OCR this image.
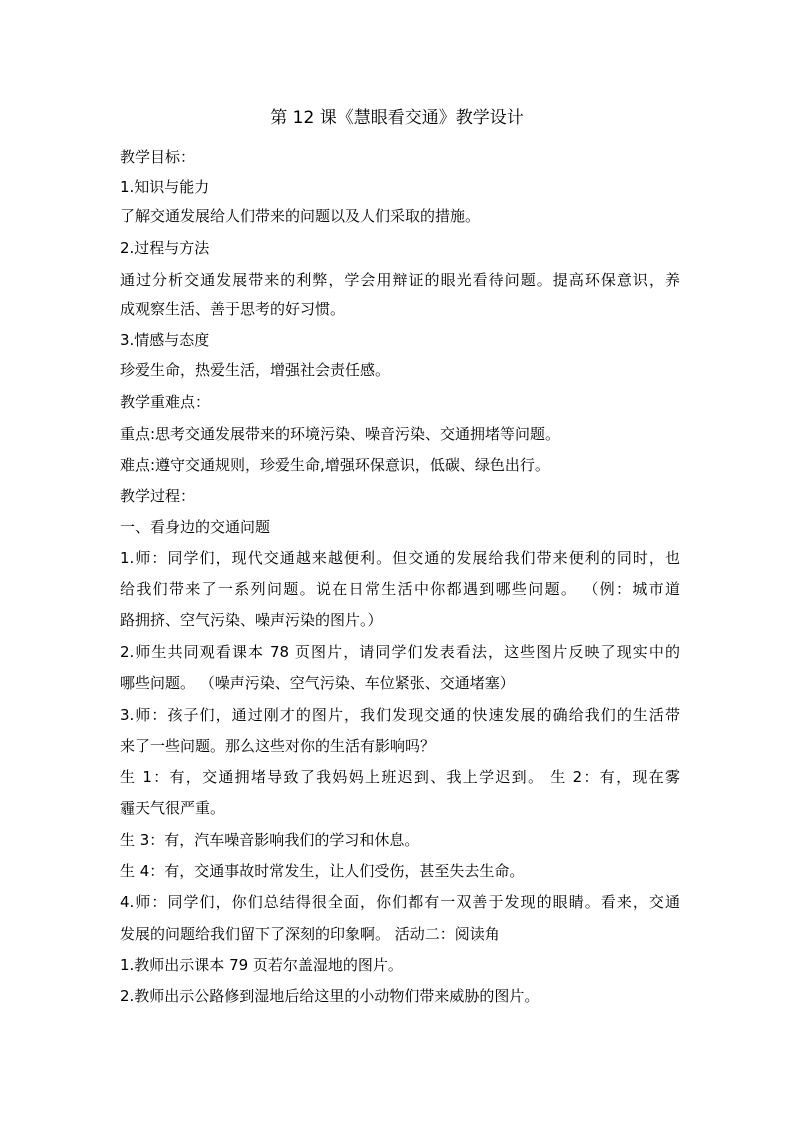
第 12 课《慧眼看交通》教学设计
教学目标：
1.知识与能力
了解交通发展给人们带来的问题以及人们采取的措施。
2.过程与方法
通过分析交通发展带来的利弊，学会用辩证的眼光看待问题。提高环保意识，养
成观察生活、善于思考的好习惯。
3.情感与态度
珍爱生命，热爱生活，增强社会责任感。
教学重难点：
重点:思考交通发展带来的环境污染、噪音污染、交通拥堵等问题。
难点:遵守交通规则，珍爱生命,增强环保意识，低碳、绿色出行。
教学过程：
一、看身边的交通问题
1.师：同学们，现代交通越来越便利。但交通的发展给我们带来便利的同时，也
给我们带来了一系列问题。说在日常生活中你都遇到哪些问题。 （例：城市道
路拥挤、空气污染、噪声污染的图片。）
2.师生共同观看课本 78 页图片，请同学们发表看法，这些图片反映了现实中的
哪些问题。 （噪声污染、空气污染、车位紧张、交通堵塞）
3.师：孩子们，通过刚才的图片，我们发现交通的快速发展的确给我们的生活带
来了一些问题。那么这些对你的生活有影响吗？
生 1：有，交通拥堵导致了我妈妈上班迟到、我上学迟到。 生 2：有，现在雾
霾天气很严重。
生 3：有，汽车噪音影响我们的学习和休息。
生 4：有，交通事故时常发生，让人们受伤，甚至失去生命。
4.师：同学们，你们总结得很全面，你们都有一双善于发现的眼睛。看来，交通
发展的问题给我们留下了深刻的印象啊。 活动二：阅读角
1.教师出示课本 79 页若尔盖湿地的图片。
2.教师出示公路修到湿地后给这里的小动物们带来威胁的图片。
